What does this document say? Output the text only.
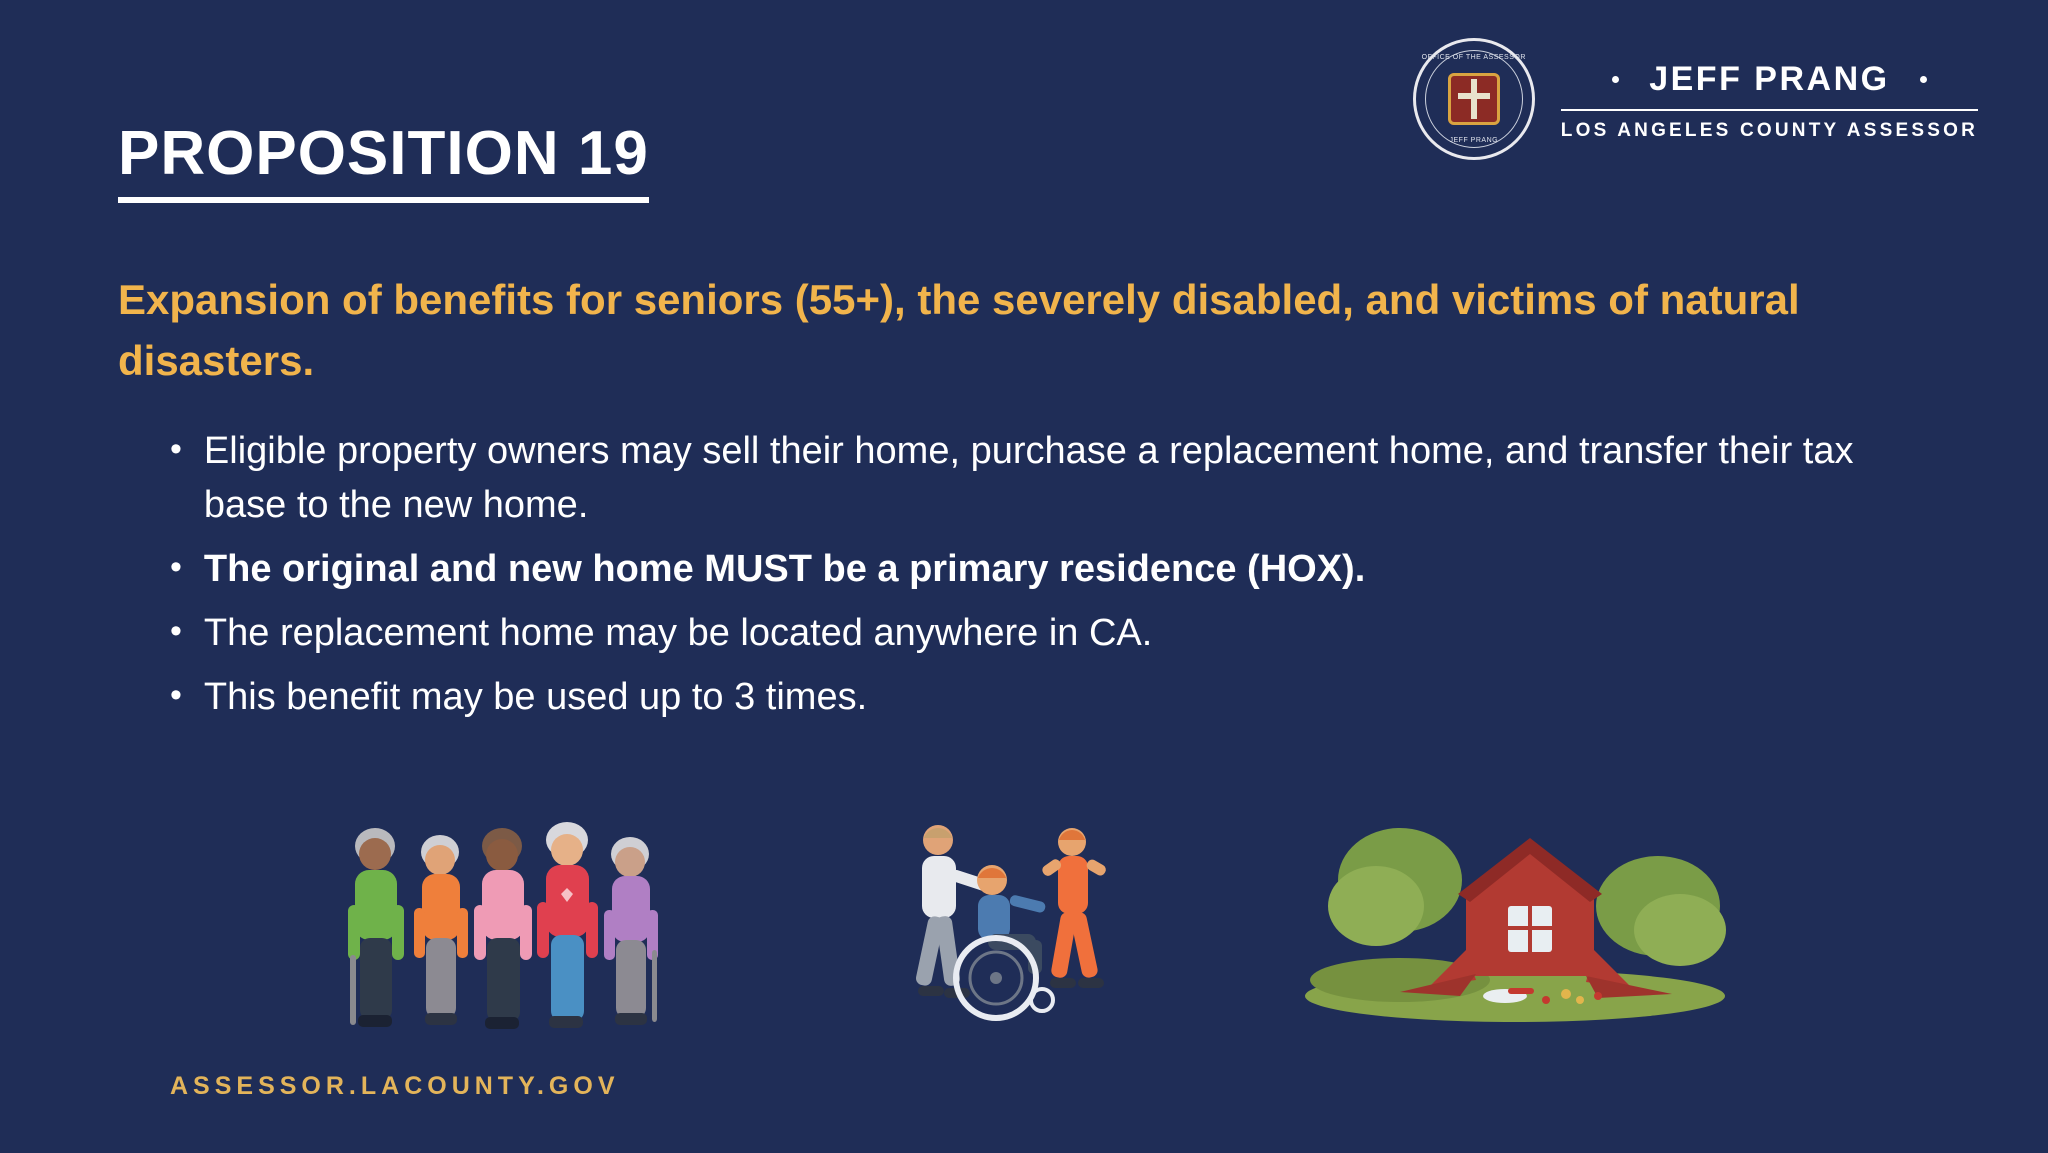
OFFICE OF THE ASSESSOR
JEFF PRANG
JEFF PRANG
LOS ANGELES COUNTY ASSESSOR
PROPOSITION 19
Expansion of benefits for seniors (55+), the severely disabled, and victims of natural disasters.
• Eligible property owners may sell their home, purchase a replacement home, and transfer their tax base to the new home.
• The original and new home MUST be a primary residence (HOX).
• The replacement home may be located anywhere in CA.
• This benefit may be used up to 3 times.
ASSESSOR.LACOUNTY.GOV
